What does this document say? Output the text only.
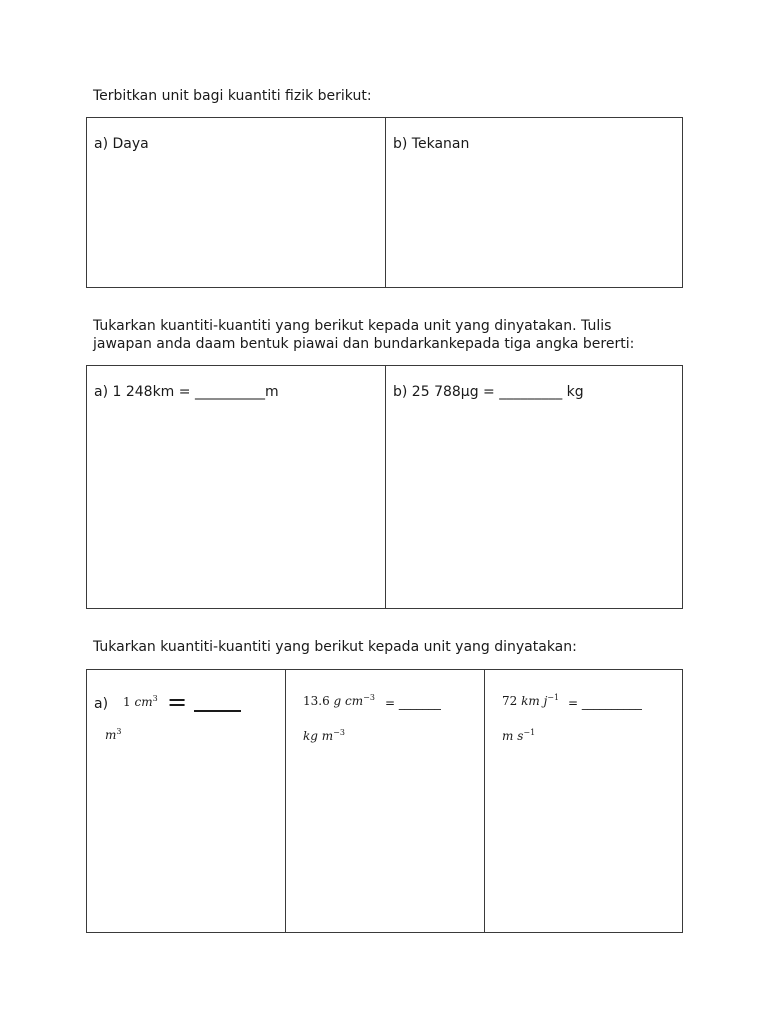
Terbitkan unit bagi kuantiti fizik berikut:
a) Daya	b) Tekanan
Tukarkan kuantiti-kuantiti yang berikut kepada unit yang dinyatakan. Tulis
jawapan anda daam bentuk piawai dan bundarkankepada tiga angka bererti:
a) 1 248km = __________m	b) 25 788µg = _________ kg
Tukarkan kuantiti-kuantiti yang berikut kepada unit yang dinyatakan:
a) 1 $cm^3$ =
$m^3$
13.6 g $cm^{-3}$ = _______
kg $m^{-3}$
72 km $j^{-1}$ = __________
m $s^{-1}$
